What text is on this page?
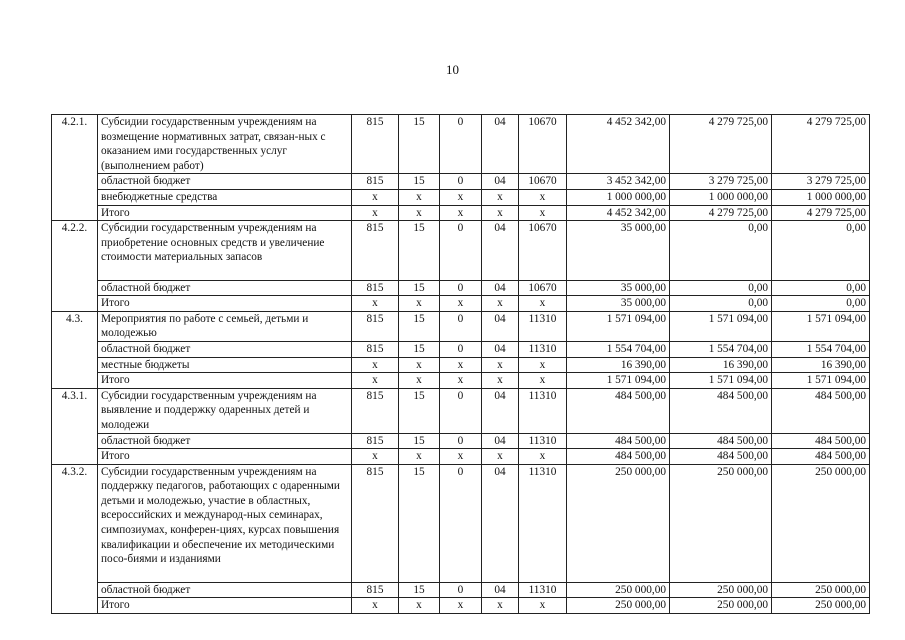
10
4.2.1.	Субсидии государственным учреждениям на возмещение нормативных затрат, связан-ных с оказанием ими государственных услуг (выполнением работ)	815	15	0	04	10670	4 452 342,00	4 279 725,00	4 279 725,00
	областной бюджет	815	15	0	04	10670	3 452 342,00	3 279 725,00	3 279 725,00
	внебюджетные средства	x	x	x	x	x	1 000 000,00	1 000 000,00	1 000 000,00
	Итого	x	x	x	x	x	4 452 342,00	4 279 725,00	4 279 725,00
4.2.2.	Субсидии государственным учреждениям на приобретение основных средств и увеличение стоимости материальных запасов	815	15	0	04	10670	35 000,00	0,00	0,00
	областной бюджет	815	15	0	04	10670	35 000,00	0,00	0,00
	Итого	x	x	x	x	x	35 000,00	0,00	0,00
4.3.	Мероприятия по работе с семьей, детьми и молодежью	815	15	0	04	11310	1 571 094,00	1 571 094,00	1 571 094,00
	областной бюджет	815	15	0	04	11310	1 554 704,00	1 554 704,00	1 554 704,00
	местные бюджеты	x	x	x	x	x	16 390,00	16 390,00	16 390,00
	Итого	x	x	x	x	x	1 571 094,00	1 571 094,00	1 571 094,00
4.3.1.	Субсидии государственным учреждениям на выявление и поддержку одаренных детей и молодежи	815	15	0	04	11310	484 500,00	484 500,00	484 500,00
	областной бюджет	815	15	0	04	11310	484 500,00	484 500,00	484 500,00
	Итого	x	x	x	x	x	484 500,00	484 500,00	484 500,00
4.3.2.	Субсидии государственным учреждениям на поддержку педагогов, работающих с одаренными детьми и молодежью, участие в областных, всероссийских и международ-ных семинарах, симпозиумах, конферен-циях, курсах повышения квалификации и обеспечение их методическими посо-биями и изданиями	815	15	0	04	11310	250 000,00	250 000,00	250 000,00
	областной бюджет	815	15	0	04	11310	250 000,00	250 000,00	250 000,00
	Итого	x	x	x	x	x	250 000,00	250 000,00	250 000,00
